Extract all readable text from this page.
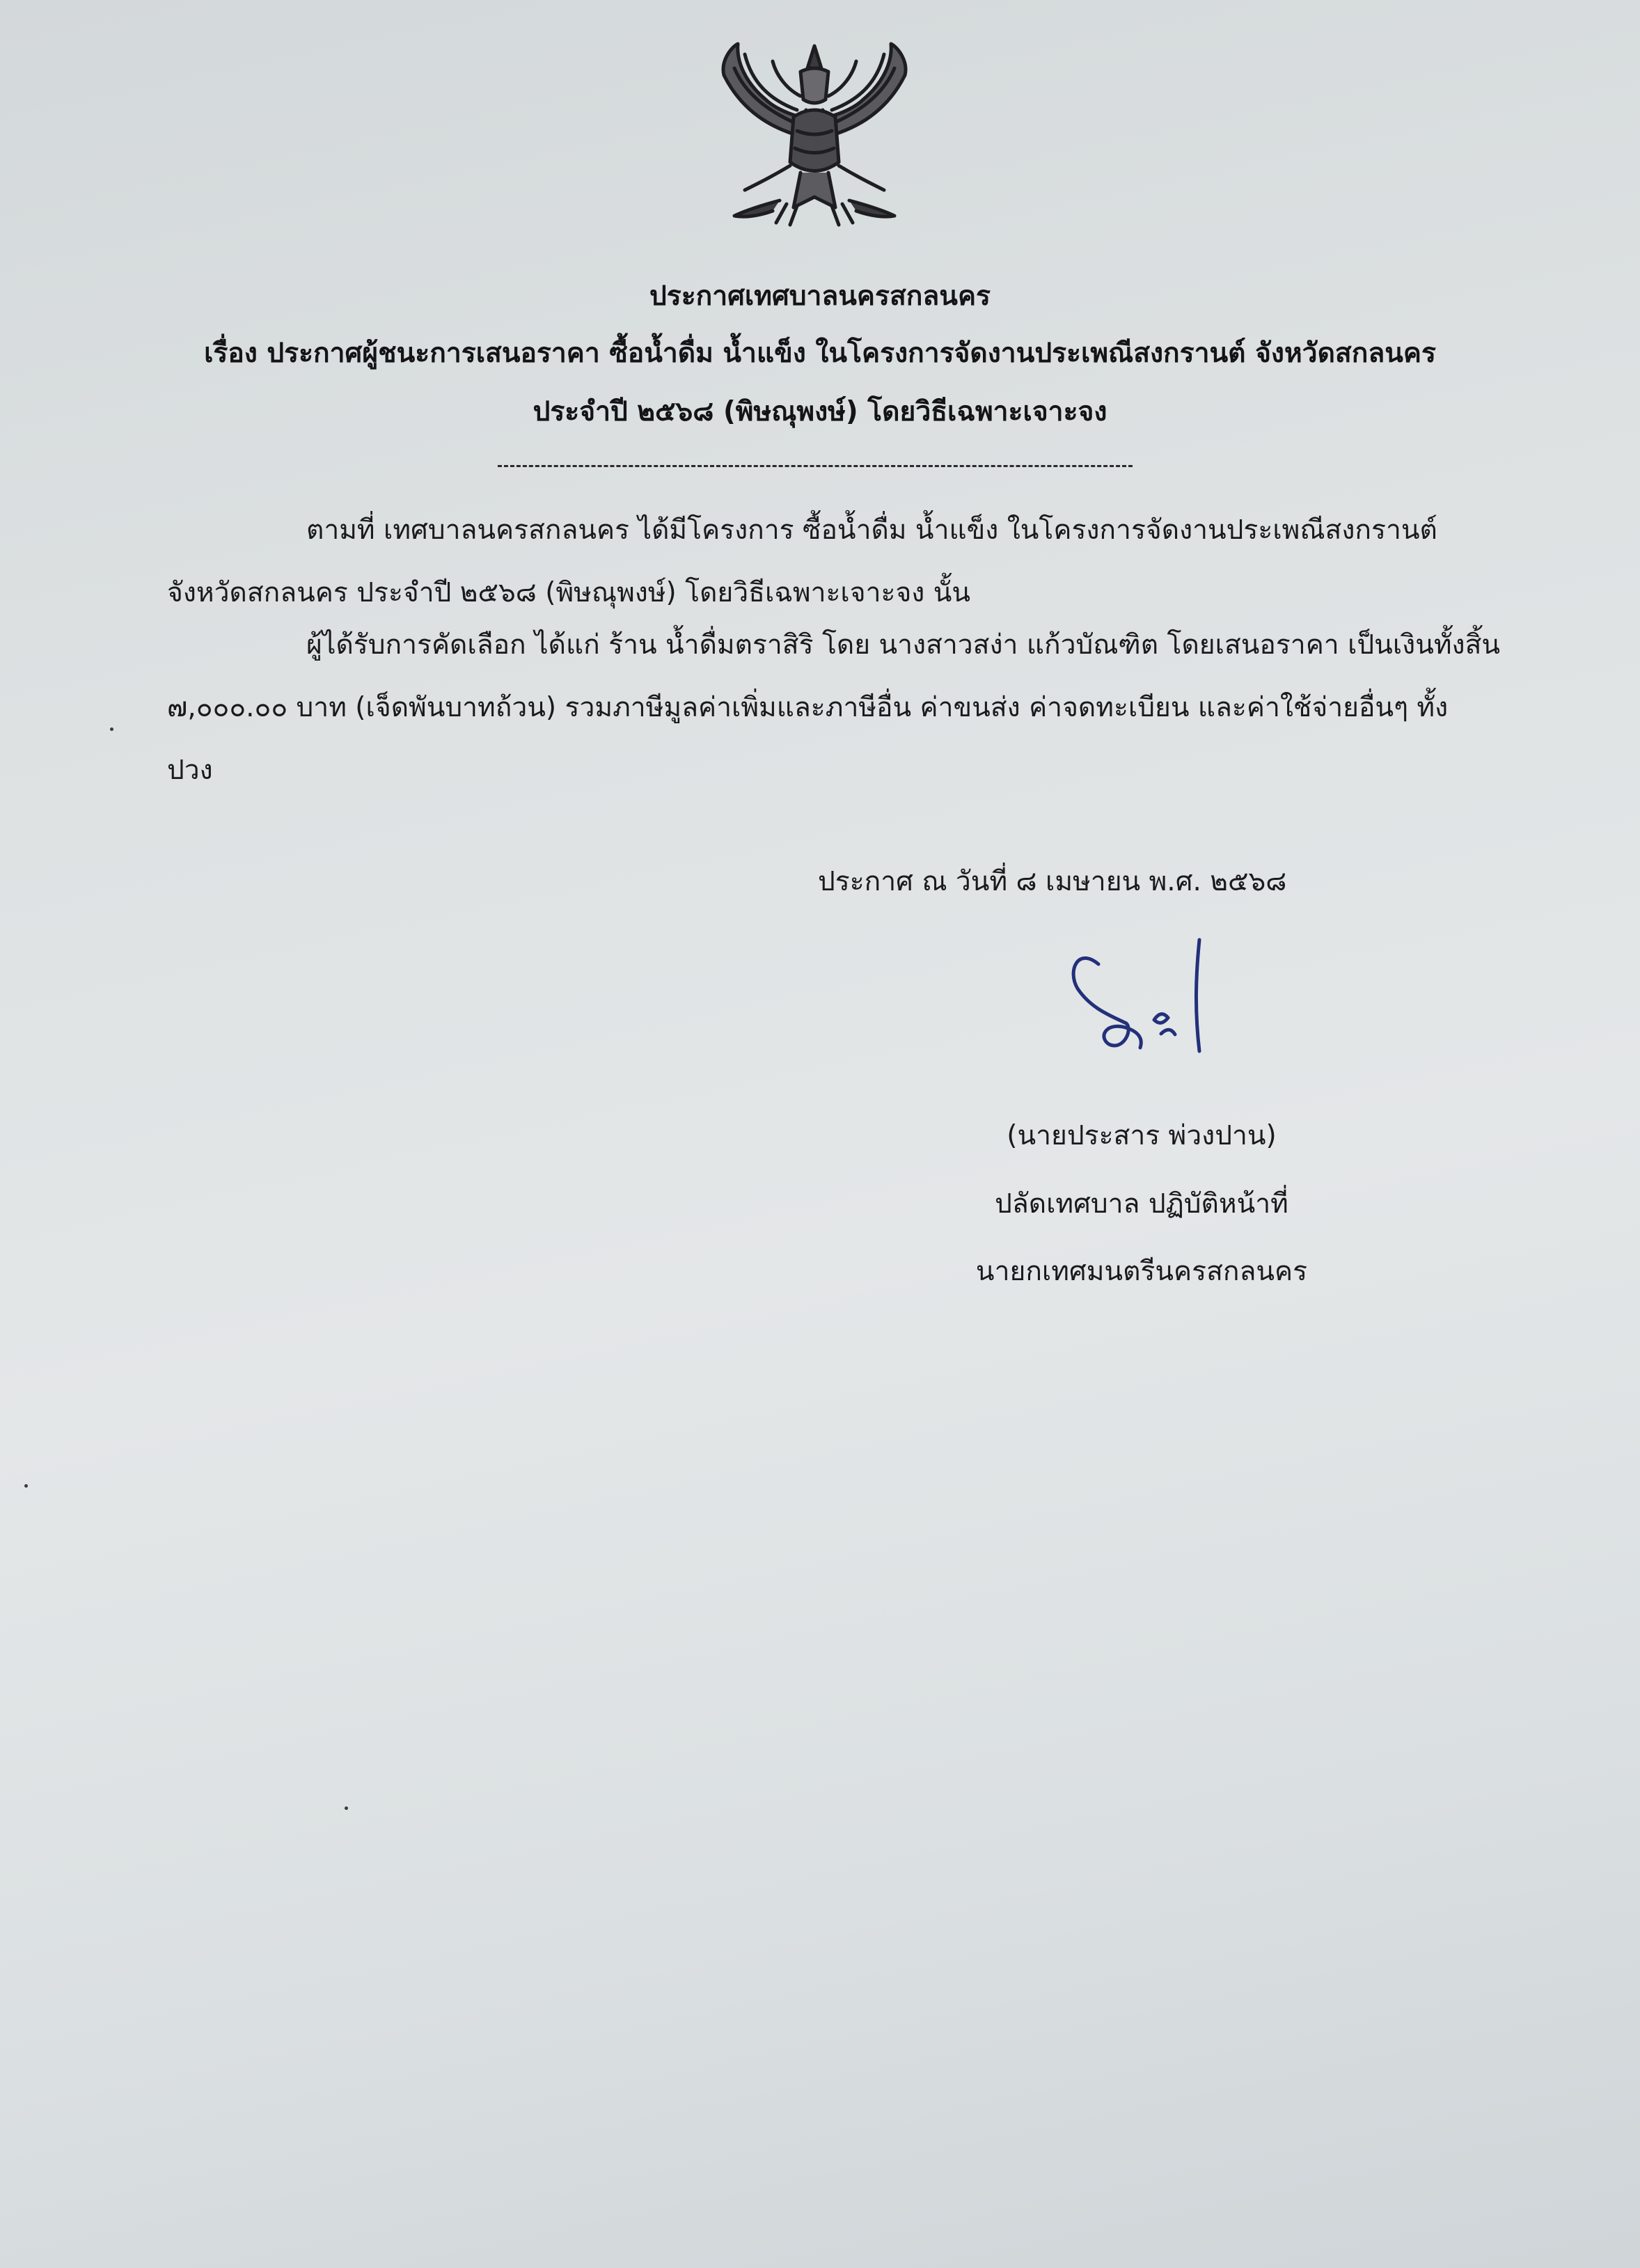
ประกาศเทศบาลนครสกลนคร
เรื่อง ประกาศผู้ชนะการเสนอราคา ซื้อน้ำดื่ม น้ำแข็ง ในโครงการจัดงานประเพณีสงกรานต์ จังหวัดสกลนคร
ประจำปี ๒๕๖๘ (พิษณุพงษ์) โดยวิธีเฉพาะเจาะจง
ตามที่ เทศบาลนครสกลนคร ได้มีโครงการ ซื้อน้ำดื่ม น้ำแข็ง ในโครงการจัดงานประเพณีสงกรานต์
จังหวัดสกลนคร ประจำปี ๒๕๖๘ (พิษณุพงษ์) โดยวิธีเฉพาะเจาะจง นั้น
ผู้ได้รับการคัดเลือก ได้แก่ ร้าน น้ำดื่มตราสิริ โดย นางสาวสง่า แก้วบัณฑิต โดยเสนอราคา เป็นเงินทั้งสิ้น
๗,๐๐๐.๐๐ บาท (เจ็ดพันบาทถ้วน) รวมภาษีมูลค่าเพิ่มและภาษีอื่น ค่าขนส่ง ค่าจดทะเบียน และค่าใช้จ่ายอื่นๆ ทั้ง
ปวง
ประกาศ ณ วันที่ ๘ เมษายน พ.ศ. ๒๕๖๘
(นายประสาร พ่วงปาน)
ปลัดเทศบาล ปฏิบัติหน้าที่
นายกเทศมนตรีนครสกลนคร
